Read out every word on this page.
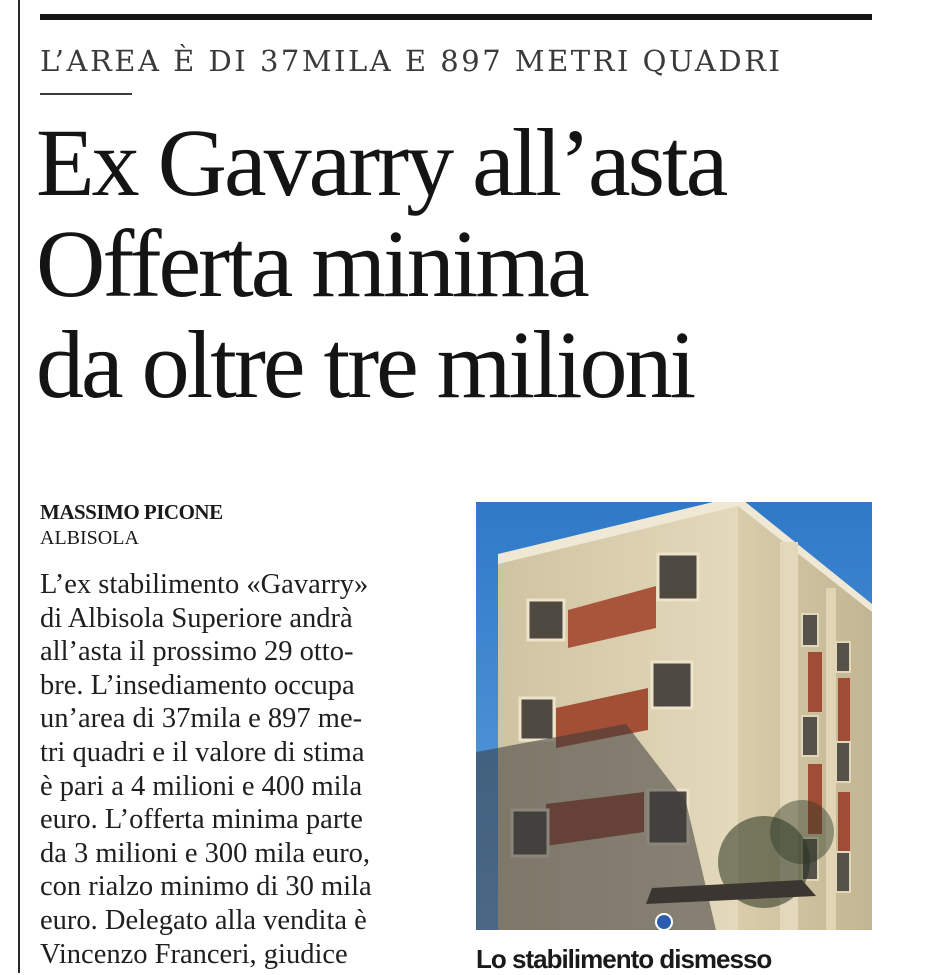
L’AREA È DI 37MILA E 897 METRI QUADRI
Ex Gavarry all’asta
Offerta minima
da oltre tre milioni
MASSIMO PICONE
ALBISOLA
L’ex stabilimento «Gavarry»
di Albisola Superiore andrà
all’asta il prossimo 29 otto-
bre. L’insediamento occupa
un’area di 37mila e 897 me-
tri quadri e il valore di stima
è pari a 4 milioni e 400 mila
euro. L’offerta minima parte
da 3 milioni e 300 mila euro,
con rialzo minimo di 30 mila
euro. Delegato alla vendita è
Vincenzo Franceri, giudice	Lo stabilimento dismesso
